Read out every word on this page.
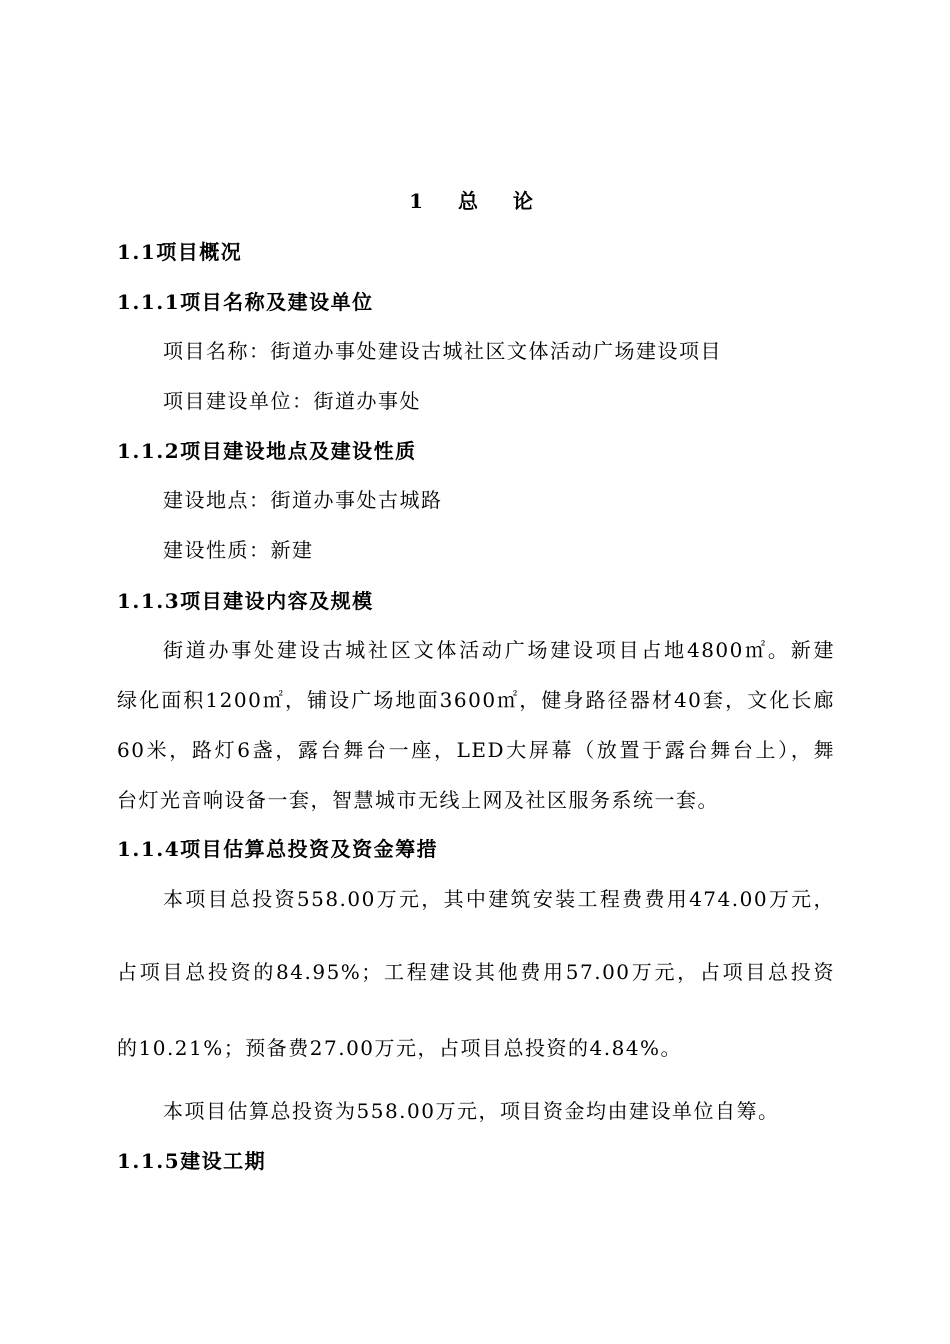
1 总 论
1.1项目概况
1.1.1项目名称及建设单位
项目名称：街道办事处建设古城社区文体活动广场建设项目
项目建设单位：街道办事处
1.1.2项目建设地点及建设性质
建设地点：街道办事处古城路
建设性质：新建
1.1.3项目建设内容及规模
街道办事处建设古城社区文体活动广场建设项目占地4800㎡。新建
绿化面积1200㎡，铺设广场地面3600㎡，健身路径器材40套，文化长廊
60米，路灯6盏，露台舞台一座，LED大屏幕（放置于露台舞台上），舞
台灯光音响设备一套，智慧城市无线上网及社区服务系统一套。
1.1.4项目估算总投资及资金筹措
本项目总投资558.00万元，其中建筑安装工程费费用474.00万元，
占项目总投资的84.95%；工程建设其他费用57.00万元，占项目总投资
的10.21%；预备费27.00万元，占项目总投资的4.84%。
本项目估算总投资为558.00万元，项目资金均由建设单位自筹。
1.1.5建设工期
